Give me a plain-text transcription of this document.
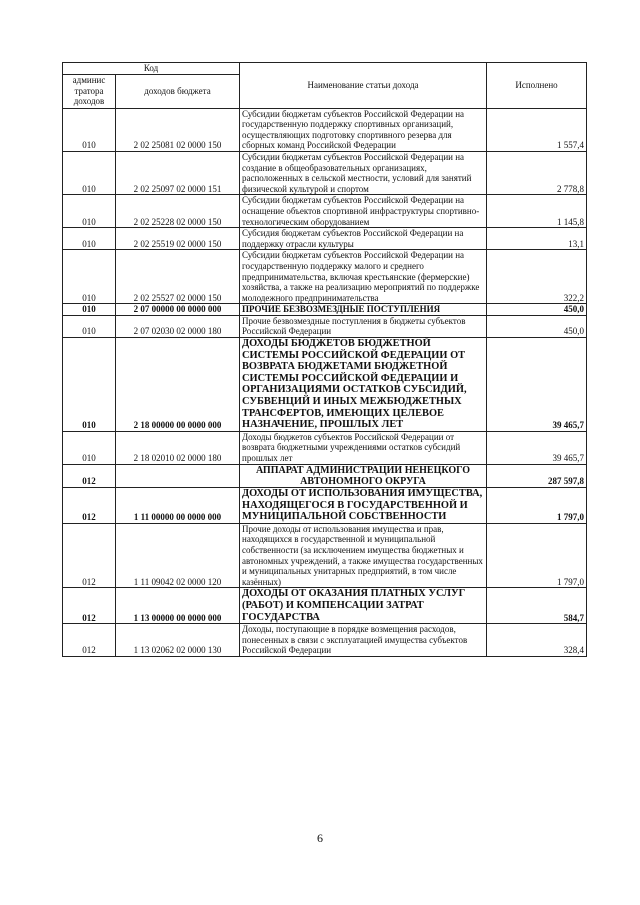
Код		Наименование статьи дохода	Исполнено
админис тратора доходов	доходов бюджета		
010	2 02 25081 02 0000 150	Субсидии бюджетам субъектов Российской Федерации на государственную поддержку спортивных организаций, осуществляющих подготовку спортивного резерва для сборных команд Российской Федерации	1 557,4
010	2 02 25097 02 0000 151	Субсидии бюджетам субъектов Российской Федерации на создание в общеобразовательных организациях, расположенных в сельской местности, условий для занятий физической культурой и спортом	2 778,8
010	2 02 25228 02 0000 150	Субсидии бюджетам субъектов Российской Федерации на оснащение объектов спортивной инфраструктуры спортивно-технологическим оборудованием	1 145,8
010	2 02 25519 02 0000 150	Субсидия бюджетам субъектов Российской Федерации на поддержку отрасли культуры	13,1
010	2 02 25527 02 0000 150	Субсидии бюджетам субъектов Российской Федерации на государственную поддержку малого и среднего предпринимательства, включая крестьянские (фермерские) хозяйства, а также на реализацию мероприятий по поддержке молодежного предпринимательства	322,2
010	2 07 00000 00 0000 000	ПРОЧИЕ БЕЗВОЗМЕЗДНЫЕ ПОСТУПЛЕНИЯ	450,0
010	2 07 02030 02 0000 180	Прочие безвозмездные поступления в бюджеты субъектов Российской Федерации	450,0
010	2 18 00000 00 0000 000	ДОХОДЫ БЮДЖЕТОВ БЮДЖЕТНОЙ СИСТЕМЫ РОССИЙСКОЙ ФЕДЕРАЦИИ ОТ ВОЗВРАТА БЮДЖЕТАМИ БЮДЖЕТНОЙ СИСТЕМЫ РОССИЙСКОЙ ФЕДЕРАЦИИ И ОРГАНИЗАЦИЯМИ ОСТАТКОВ СУБСИДИЙ, СУБВЕНЦИЙ И ИНЫХ МЕЖБЮДЖЕТНЫХ ТРАНСФЕРТОВ, ИМЕЮЩИХ ЦЕЛЕВОЕ НАЗНАЧЕНИЕ, ПРОШЛЫХ ЛЕТ	39 465,7
010	2 18 02010 02 0000 180	Доходы бюджетов субъектов Российской Федерации от возврата бюджетными учреждениями остатков субсидий прошлых лет	39 465,7
012		АППАРАТ АДМИНИСТРАЦИИ НЕНЕЦКОГО АВТОНОМНОГО ОКРУГА	287 597,8
012	1 11 00000 00 0000 000	ДОХОДЫ ОТ ИСПОЛЬЗОВАНИЯ ИМУЩЕСТВА, НАХОДЯЩЕГОСЯ В ГОСУДАРСТВЕННОЙ И МУНИЦИПАЛЬНОЙ СОБСТВЕННОСТИ	1 797,0
012	1 11 09042 02 0000 120	Прочие доходы от использования имущества и прав, находящихся в государственной и муниципальной собственности (за исключением имущества бюджетных и автономных учреждений, а также имущества государственных и муниципальных унитарных предприятий, в том числе казённых)	1 797,0
012	1 13 00000 00 0000 000	ДОХОДЫ ОТ ОКАЗАНИЯ ПЛАТНЫХ УСЛУГ (РАБОТ) И КОМПЕНСАЦИИ ЗАТРАТ ГОСУДАРСТВА	584,7
012	1 13 02062 02 0000 130	Доходы, поступающие в порядке возмещения расходов, понесенных в связи с эксплуатацией имущества субъектов Российской Федерации	328,4
6
